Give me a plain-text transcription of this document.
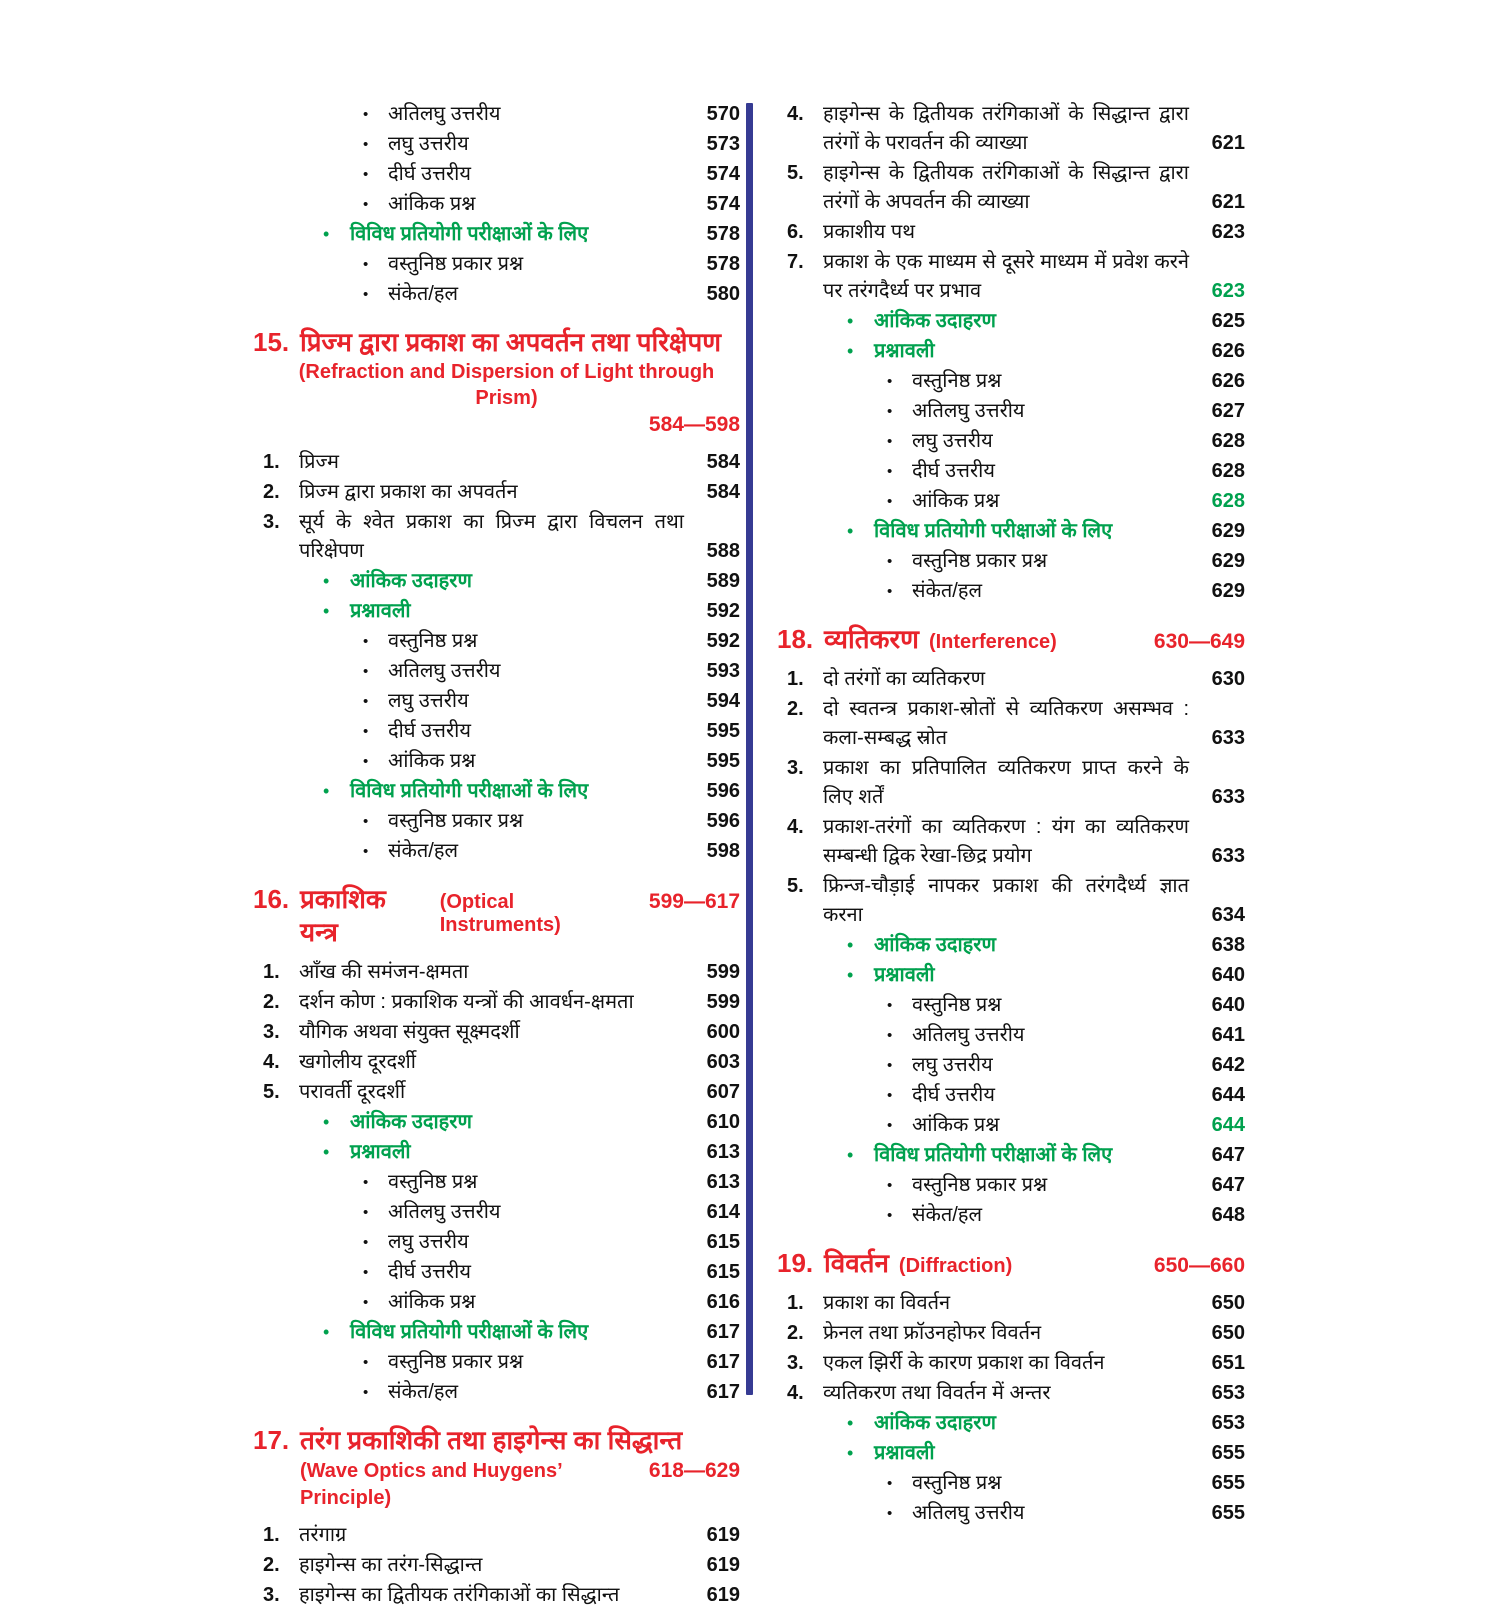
• अतिलघु उत्तरीय	570
• लघु उत्तरीय	573
• दीर्घ उत्तरीय	574
• आंकिक प्रश्न	574
•	विविध प्रतियोगी परीक्षाओं के लिए	578
• वस्तुनिष्ठ प्रकार प्रश्न	578
• संकेत/हल	580
15. प्रिज्म द्वारा प्रकाश का अपवर्तन तथा परिक्षेपण
(Refraction and Dispersion of Light through Prism)
584—598
1. प्रिज्म	584
2. प्रिज्म द्वारा प्रकाश का अपवर्तन	584
3. सूर्य के श्वेत प्रकाश का प्रिज्म द्वारा विचलन तथा परिक्षेपण	588
•	आंकिक उदाहरण	589
•	प्रश्नावली	592
• वस्तुनिष्ठ प्रश्न	592
• अतिलघु उत्तरीय	593
• लघु उत्तरीय	594
• दीर्घ उत्तरीय	595
• आंकिक प्रश्न	595
•	विविध प्रतियोगी परीक्षाओं के लिए	596
• वस्तुनिष्ठ प्रकार प्रश्न	596
• संकेत/हल	598
16. प्रकाशिक यन्त्र
(Optical Instruments)
599—617
1. आँख की समंजन-क्षमता	599
2. दर्शन कोण : प्रकाशिक यन्त्रों की आवर्धन-क्षमता	599
3. यौगिक अथवा संयुक्त सूक्ष्मदर्शी	600
4. खगोलीय दूरदर्शी	603
5. परावर्ती दूरदर्शी	607
•	आंकिक उदाहरण	610
•	प्रश्नावली	613
• वस्तुनिष्ठ प्रश्न	613
• अतिलघु उत्तरीय	614
• लघु उत्तरीय	615
• दीर्घ उत्तरीय	615
• आंकिक प्रश्न	616
•	विविध प्रतियोगी परीक्षाओं के लिए	617
• वस्तुनिष्ठ प्रकार प्रश्न	617
• संकेत/हल	617
17. तरंग प्रकाशिकी तथा हाइगेन्स का सिद्धान्त
(Wave Optics and Huygens’ Principle)
618—629
1. तरंगाग्र	619
2. हाइगेन्स का तरंग-सिद्धान्त	619
3. हाइगेन्स का द्वितीयक तरंगिकाओं का सिद्धान्त	619
4. हाइगेन्स के द्वितीयक तरंगिकाओं के सिद्धान्त द्वारा तरंगों के परावर्तन की व्याख्या	621
5. हाइगेन्स के द्वितीयक तरंगिकाओं के सिद्धान्त द्वारा तरंगों के अपवर्तन की व्याख्या	621
6. प्रकाशीय पथ	623
7. प्रकाश के एक माध्यम से दूसरे माध्यम में प्रवेश करने पर तरंगदैर्ध्य पर प्रभाव	623
•	आंकिक उदाहरण	625
•	प्रश्नावली	626
• वस्तुनिष्ठ प्रश्न	626
• अतिलघु उत्तरीय	627
• लघु उत्तरीय	628
• दीर्घ उत्तरीय	628
• आंकिक प्रश्न	628
•	विविध प्रतियोगी परीक्षाओं के लिए	629
• वस्तुनिष्ठ प्रकार प्रश्न	629
• संकेत/हल	629
18. व्यतिकरण (Interference)	630—649
1. दो तरंगों का व्यतिकरण	630
2. दो स्वतन्त्र प्रकाश-स्रोतों से व्यतिकरण असम्भव : कला-सम्बद्ध स्रोत	633
3. प्रकाश का प्रतिपालित व्यतिकरण प्राप्त करने के लिए शर्तें	633
4. प्रकाश-तरंगों का व्यतिकरण : यंग का व्यतिकरण सम्बन्धी द्विक रेखा-छिद्र प्रयोग	633
5. फ्रिन्ज-चौड़ाई नापकर प्रकाश की तरंगदैर्ध्य ज्ञात करना	634
•	आंकिक उदाहरण	638
•	प्रश्नावली	640
• वस्तुनिष्ठ प्रश्न	640
• अतिलघु उत्तरीय	641
• लघु उत्तरीय	642
• दीर्घ उत्तरीय	644
• आंकिक प्रश्न	644
•	विविध प्रतियोगी परीक्षाओं के लिए	647
• वस्तुनिष्ठ प्रकार प्रश्न	647
• संकेत/हल	648
19. विवर्तन (Diffraction)	650—660
1. प्रकाश का विवर्तन	650
2. फ्रेनल तथा फ्रॉउनहोफर विवर्तन	650
3. एकल झिर्री के कारण प्रकाश का विवर्तन	651
4. व्यतिकरण तथा विवर्तन में अन्तर	653
•	आंकिक उदाहरण	653
•	प्रश्नावली	655
• वस्तुनिष्ठ प्रश्न	655
• अतिलघु उत्तरीय	655
